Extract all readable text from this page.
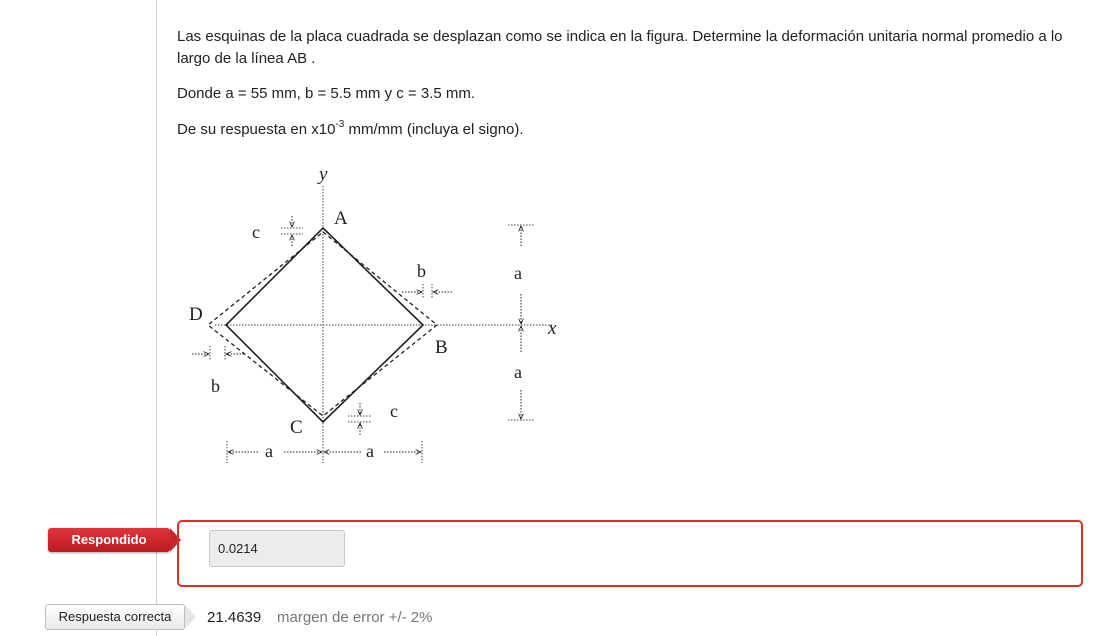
Las esquinas de la placa cuadrada se desplazan como se indica en la figura. Determine la deformación unitaria normal promedio a lo largo de la línea AB .

Donde a = 55 mm, b = 5.5 mm y c = 3.5 mm.

De su respuesta en $x10^{-3}$ mm/mm (incluya el signo).

y
x
A
B
C
D
c
b
b
c
a	a
a
a
Respondido
0.0214
Respuesta correcta	21.4639 margen de error +/- 2%
